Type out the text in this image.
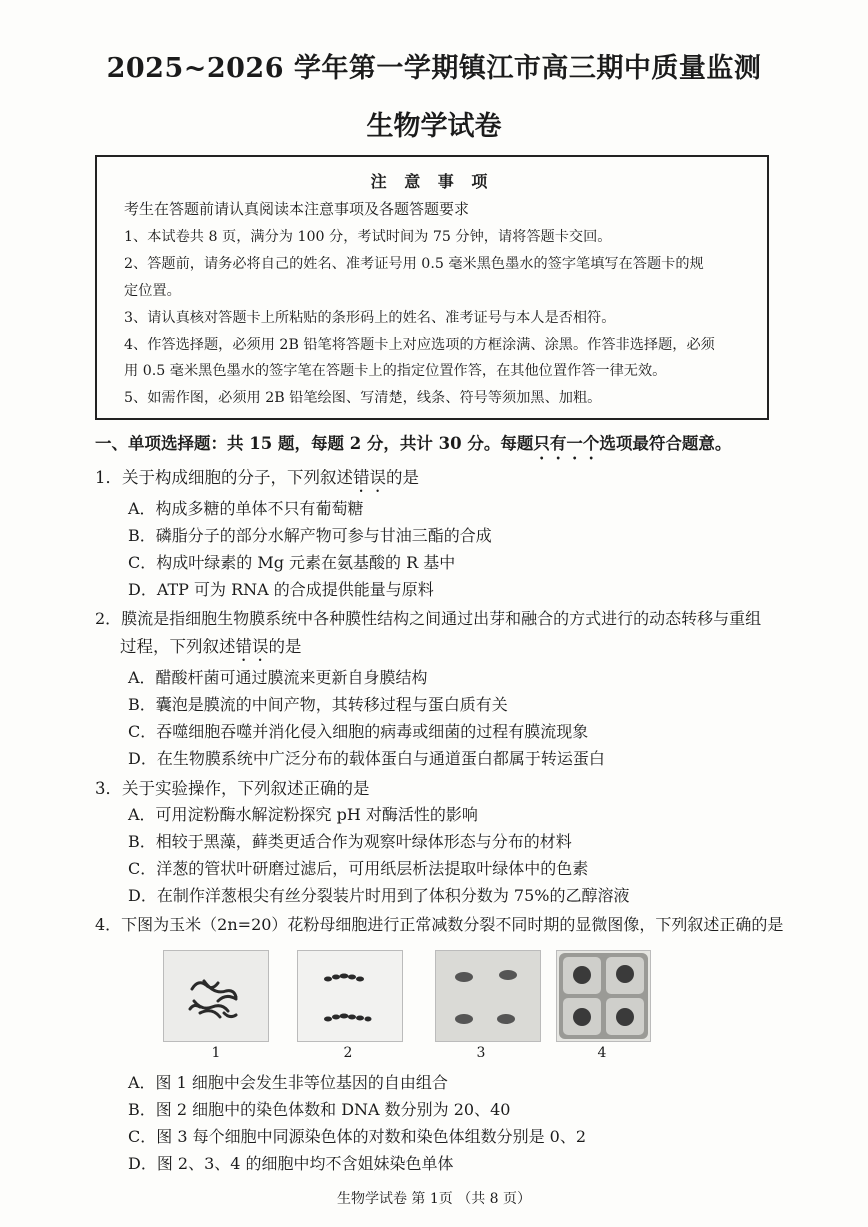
2025~2026 学年第一学期镇江市高三期中质量监测
生物学试卷
注 意 事 项
考生在答题前请认真阅读本注意事项及各题答题要求
1、本试卷共 8 页，满分为 100 分，考试时间为 75 分钟，请将答题卡交回。
2、答题前，请务必将自己的姓名、准考证号用 0.5 毫米黑色墨水的签字笔填写在答题卡的规
定位置。
3、请认真核对答题卡上所粘贴的条形码上的姓名、准考证号与本人是否相符。
4、作答选择题，必须用 2B 铅笔将答题卡上对应选项的方框涂满、涂黑。作答非选择题，必须
用 0.5 毫米黑色墨水的签字笔在答题卡上的指定位置作答，在其他位置作答一律无效。
5、如需作图，必须用 2B 铅笔绘图、写清楚，线条、符号等须加黑、加粗。
一、单项选择题：共 15 题，每题 2 分，共计 30 分。每题只有一个选项最符合题意。
1．关于构成细胞的分子，下列叙述错误的是
A．构成多糖的单体不只有葡萄糖
B．磷脂分子的部分水解产物可参与甘油三酯的合成
C．构成叶绿素的 Mg 元素在氨基酸的 R 基中
D．ATP 可为 RNA 的合成提供能量与原料
2．膜流是指细胞生物膜系统中各种膜性结构之间通过出芽和融合的方式进行的动态转移与重组
过程，下列叙述错误的是
A．醋酸杆菌可通过膜流来更新自身膜结构
B．囊泡是膜流的中间产物，其转移过程与蛋白质有关
C．吞噬细胞吞噬并消化侵入细胞的病毒或细菌的过程有膜流现象
D．在生物膜系统中广泛分布的载体蛋白与通道蛋白都属于转运蛋白
3．关于实验操作，下列叙述正确的是
A．可用淀粉酶水解淀粉探究 pH 对酶活性的影响
B．相较于黑藻，藓类更适合作为观察叶绿体形态与分布的材料
C．洋葱的管状叶研磨过滤后，可用纸层析法提取叶绿体中的色素
D．在制作洋葱根尖有丝分裂装片时用到了体积分数为 75%的乙醇溶液
4．下图为玉米（2n=20）花粉母细胞进行正常减数分裂不同时期的显微图像，下列叙述正确的是
1	2	3	4
A．图 1 细胞中会发生非等位基因的自由组合
B．图 2 细胞中的染色体数和 DNA 数分别为 20、40
C．图 3 每个细胞中同源染色体的对数和染色体组数分别是 0、2
D．图 2、3、4 的细胞中均不含姐妹染色单体
生物学试卷 第 1页 （共 8 页）
